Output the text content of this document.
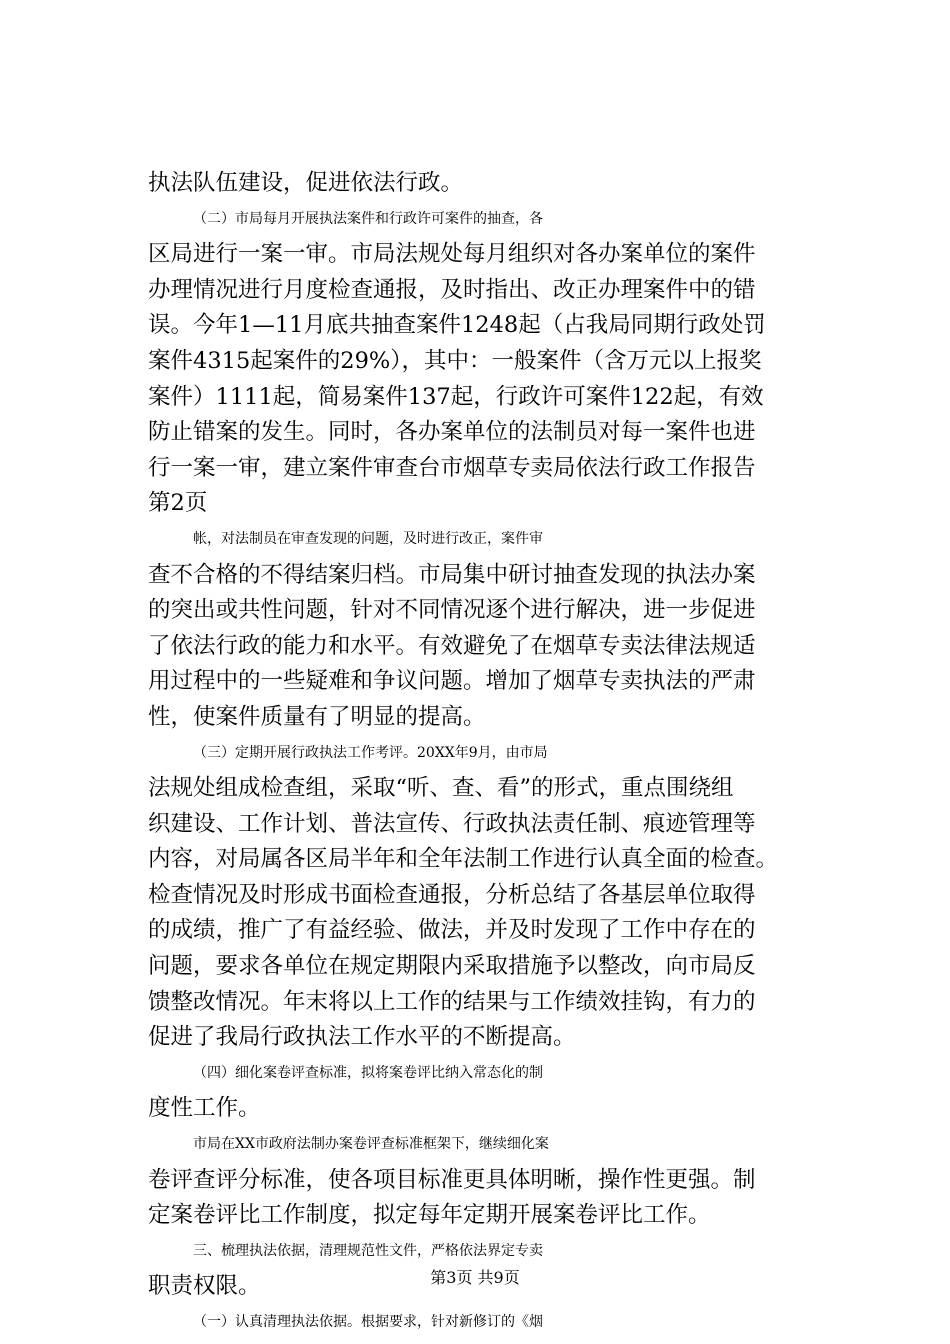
执法队伍建设，促进依法行政。
（二）市局每月开展执法案件和行政许可案件的抽查，各
区局进行一案一审。市局法规处每月组织对各办案单位的案件
办理情况进行月度检查通报，及时指出、改正办理案件中的错
误。今年1—11月底共抽查案件1248起（占我局同期行政处罚
案件4315起案件的29%），其中：一般案件（含万元以上报奖
案件）1111起，简易案件137起，行政许可案件122起，有效
防止错案的发生。同时，各办案单位的法制员对每一案件也进
行一案一审，建立案件审查台市烟草专卖局依法行政工作报告
第2页
帐，对法制员在审查发现的问题，及时进行改正，案件审
查不合格的不得结案归档。市局集中研讨抽查发现的执法办案
的突出或共性问题，针对不同情况逐个进行解决，进一步促进
了依法行政的能力和水平。有效避免了在烟草专卖法律法规适
用过程中的一些疑难和争议问题。增加了烟草专卖执法的严肃
性，使案件质量有了明显的提高。
（三）定期开展行政执法工作考评。20XX年9月，由市局
法规处组成检查组，采取“听、查、看”的形式，重点围绕组
织建设、工作计划、普法宣传、行政执法责任制、痕迹管理等
内容，对局属各区局半年和全年法制工作进行认真全面的检查。
检查情况及时形成书面检查通报，分析总结了各基层单位取得
的成绩，推广了有益经验、做法，并及时发现了工作中存在的
问题，要求各单位在规定期限内采取措施予以整改，向市局反
馈整改情况。年末将以上工作的结果与工作绩效挂钩，有力的
促进了我局行政执法工作水平的不断提高。
（四）细化案卷评查标准，拟将案卷评比纳入常态化的制
度性工作。
市局在XX市政府法制办案卷评查标准框架下，继续细化案
卷评查评分标准，使各项目标准更具体明晰，操作性更强。制
定案卷评比工作制度，拟定每年定期开展案卷评比工作。
三、梳理执法依据，清理规范性文件，严格依法界定专卖
职责权限。
（一）认真清理执法依据。根据要求，针对新修订的《烟
第3页 共9页
